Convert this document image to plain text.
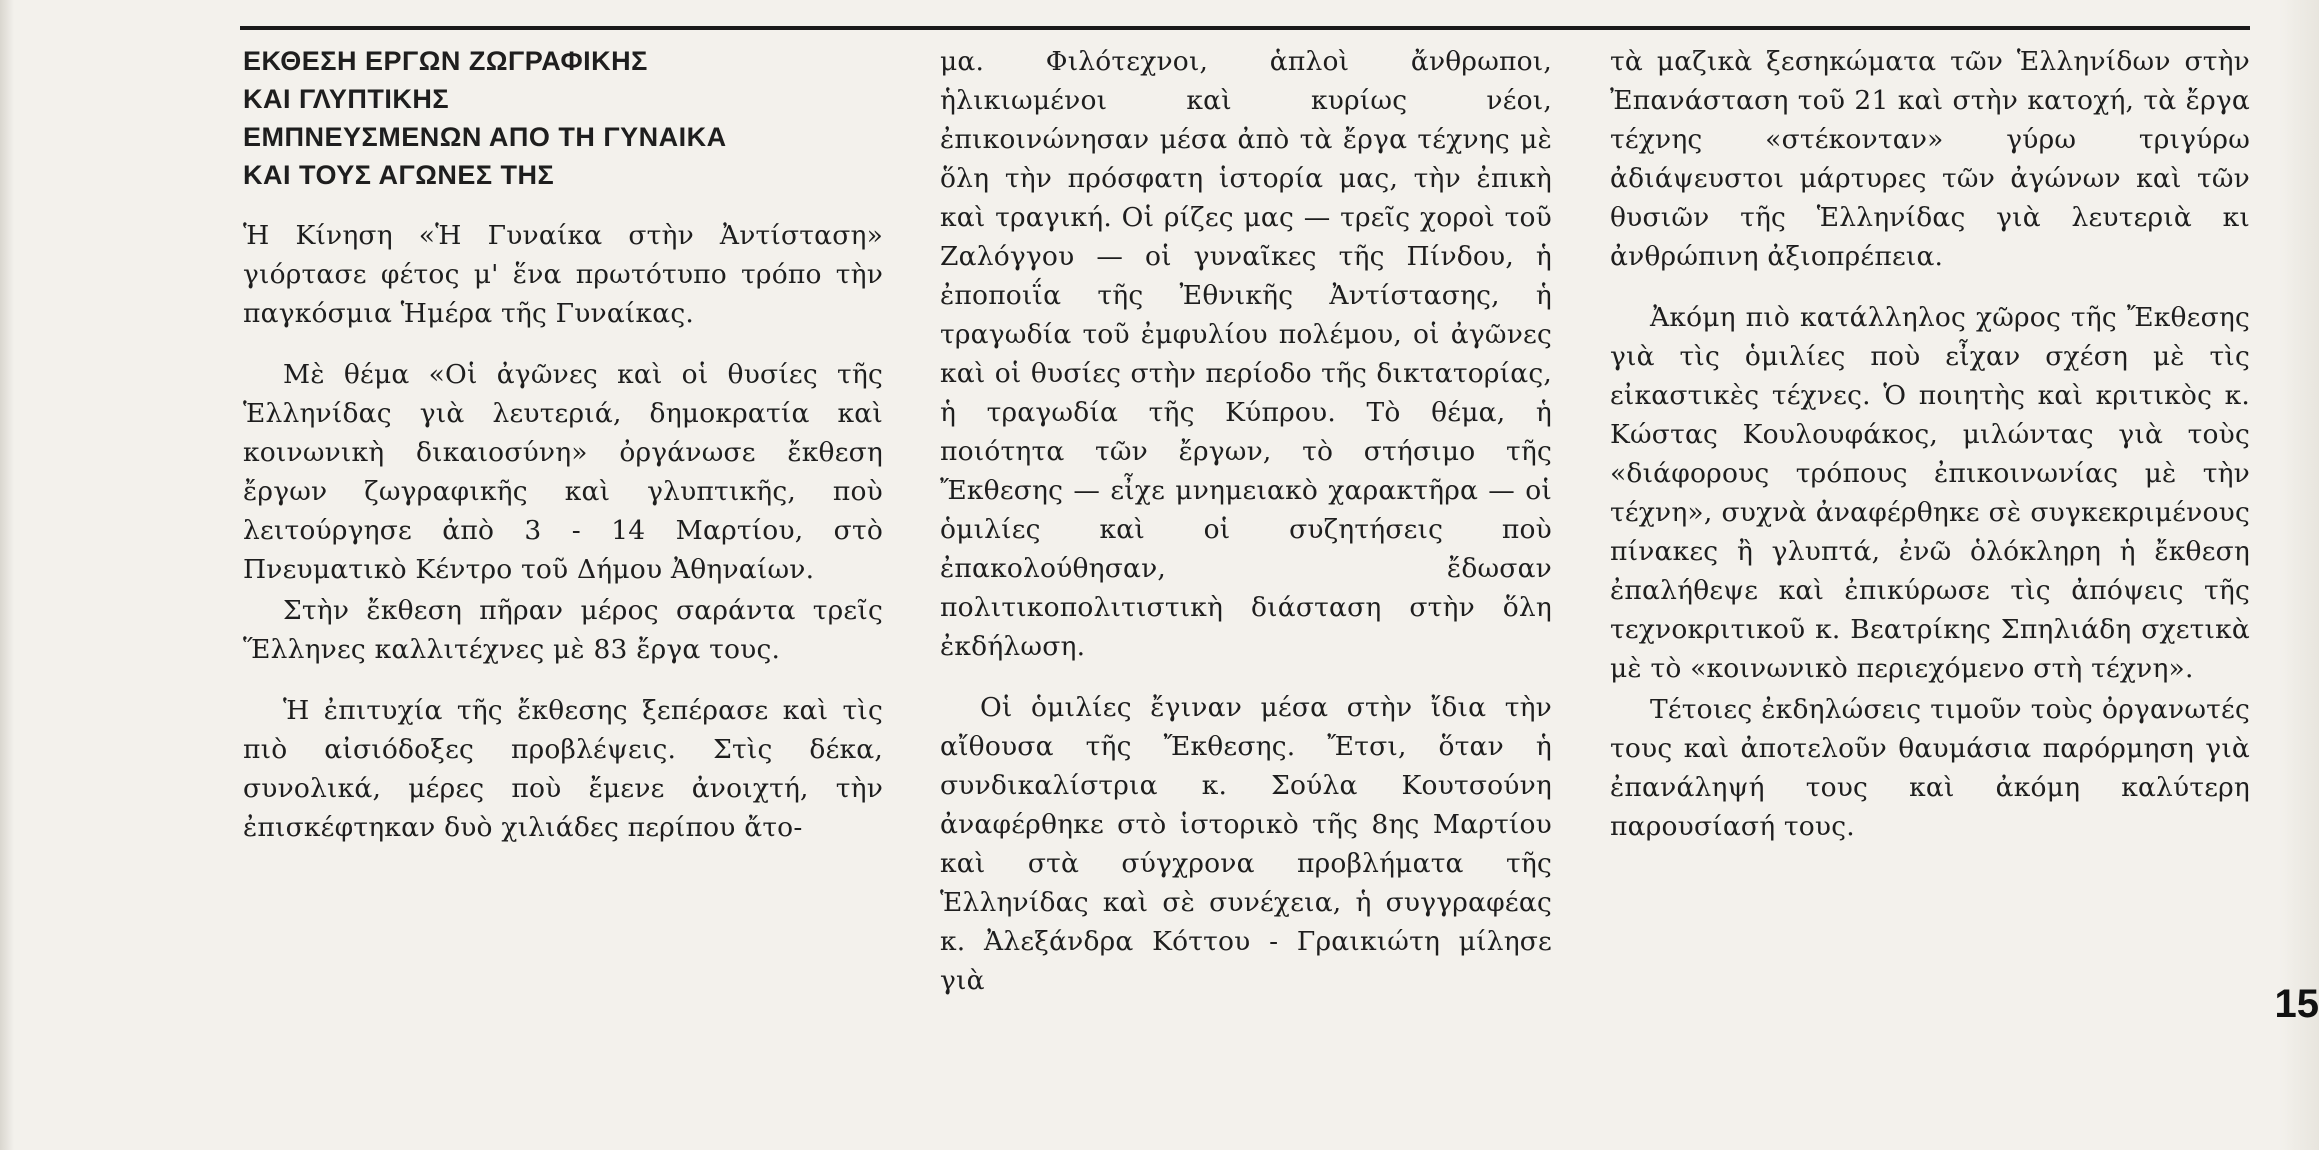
ΕΚΘΕΣΗ ΕΡΓΩΝ ΖΩΓΡΑΦΙΚΗΣ
ΚΑΙ ΓΛΥΠΤΙΚΗΣ
ΕΜΠΝΕΥΣΜΕΝΩΝ ΑΠΟ ΤΗ ΓΥΝΑΙΚΑ
ΚΑΙ ΤΟΥΣ ΑΓΩΝΕΣ ΤΗΣ

Ἡ Κίνηση «Ἡ Γυναίκα στὴν Ἀντίσταση» γιόρτασε φέτος μ' ἕνα πρωτότυπο τρόπο τὴν παγκόσμια Ἡμέρα τῆς Γυναίκας.

Μὲ θέμα «Οἱ ἀγῶνες καὶ οἱ θυσίες τῆς Ἑλληνίδας γιὰ λευτεριά, δημοκρατία καὶ κοινωνικὴ δικαιοσύνη» ὀργάνωσε ἔκθεση ἔργων ζωγραφικῆς καὶ γλυπτικῆς, ποὺ λειτούργησε ἀπὸ 3 - 14 Μαρτίου, στὸ Πνευματικὸ Κέντρο τοῦ Δήμου Ἀθηναίων.

Στὴν ἔκθεση πῆραν μέρος σαράντα τρεῖς Ἕλληνες καλλιτέχνες μὲ 83 ἔργα τους.

Ἡ ἐπιτυχία τῆς ἔκθεσης ξεπέρασε καὶ τὶς πιὸ αἰσιόδοξες προβλέψεις. Στὶς δέκα, συνολικά, μέρες ποὺ ἔμενε ἀνοιχτή, τὴν ἐπισκέφτηκαν δυὸ χιλιάδες περίπου ἄτο-

μα. Φιλότεχνοι, ἁπλοὶ ἄνθρωποι, ἡλικιωμένοι καὶ κυρίως νέοι, ἐπικοινώνησαν μέσα ἀπὸ τὰ ἔργα τέχνης μὲ ὅλη τὴν πρόσφατη ἱστορία μας, τὴν ἐπικὴ καὶ τραγική. Οἱ ρίζες μας — τρεῖς χοροὶ τοῦ Ζαλόγγου — οἱ γυναῖκες τῆς Πίνδου, ἡ ἐποποιΐα τῆς Ἐθνικῆς Ἀντίστασης, ἡ τραγωδία τοῦ ἐμφυλίου πολέμου, οἱ ἀγῶνες καὶ οἱ θυσίες στὴν περίοδο τῆς δικτατορίας, ἡ τραγωδία τῆς Κύπρου. Τὸ θέμα, ἡ ποιότητα τῶν ἔργων, τὸ στήσιμο τῆς Ἔκθεσης — εἶχε μνημειακὸ χαρακτῆρα — οἱ ὁμιλίες καὶ οἱ συζητήσεις ποὺ ἐπακολούθησαν, ἔδωσαν πολιτικοπολιτιστικὴ διάσταση στὴν ὅλη ἐκδήλωση.

Οἱ ὁμιλίες ἔγιναν μέσα στὴν ἴδια τὴν αἴθουσα τῆς Ἔκθεσης. Ἔτσι, ὅταν ἡ συνδικαλίστρια κ. Σούλα Κουτσούνη ἀναφέρθηκε στὸ ἱστορικὸ τῆς 8ης Μαρτίου καὶ στὰ σύγχρονα προβλήματα τῆς Ἑλληνίδας καὶ σὲ συνέχεια, ἡ συγγραφέας κ. Ἀλεξάνδρα Κόττου - Γραικιώτη μίλησε γιὰ

τὰ μαζικὰ ξεσηκώματα τῶν Ἑλληνίδων στὴν Ἐπανάσταση τοῦ 21 καὶ στὴν κατοχή, τὰ ἔργα τέχνης «στέκονταν» γύρω τριγύρω ἀδιάψευστοι μάρτυρες τῶν ἀγώνων καὶ τῶν θυσιῶν τῆς Ἑλληνίδας γιὰ λευτεριὰ κι ἀνθρώπινη ἀξιοπρέπεια.

Ἀκόμη πιὸ κατάλληλος χῶρος τῆς Ἔκθεσης γιὰ τὶς ὁμιλίες ποὺ εἶχαν σχέση μὲ τὶς εἰκαστικὲς τέχνες. Ὁ ποιητὴς καὶ κριτικὸς κ. Κώστας Κουλουφάκος, μιλώντας γιὰ τοὺς «διάφορους τρόπους ἐπικοινωνίας μὲ τὴν τέχνη», συχνὰ ἀναφέρθηκε σὲ συγκεκριμένους πίνακες ἢ γλυπτά, ἐνῶ ὁλόκληρη ἡ ἔκθεση ἐπαλήθεψε καὶ ἐπικύρωσε τὶς ἀπόψεις τῆς τεχνοκριτικοῦ κ. Βεατρίκης Σπηλιάδη σχετικὰ μὲ τὸ «κοινωνικὸ περιεχόμενο στὴ τέχνη».

Τέτοιες ἐκδηλώσεις τιμοῦν τοὺς ὀργανωτές τους καὶ ἀποτελοῦν θαυμάσια παρόρμηση γιὰ ἐπανάληψή τους καὶ ἀκόμη καλύτερη παρουσίασή τους.

15
